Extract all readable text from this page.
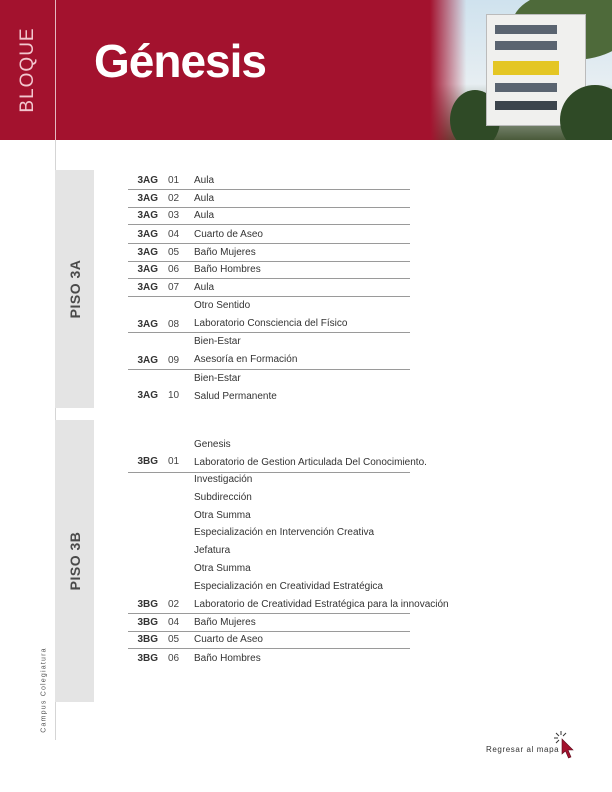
BLOQUE Génesis
Campus Colegiatura
PISO 3A
PISO 3B
3AG 01 Aula
3AG 02 Aula
3AG 03 Aula
3AG 04 Cuarto de Aseo
3AG 05 Baño Mujeres
3AG 06 Baño Hombres
3AG 07 Aula
3AG 08
Otro Sentido
Laboratorio Consciencia del Físico
3AG 09
Bien-Estar
Asesoría en Formación
3AG 10
Bien-Estar
Salud Permanente
3BG 01
Genesis
Laboratorio de Gestion Articulada Del Conocimiento.
3BG 02
Investigación
Subdirección
Otra Summa
Especialización en Intervención Creativa
Jefatura
Otra Summa
Especialización en Creatividad Estratégica
Laboratorio de Creatividad Estratégica para la innovación
3BG 04 Baño Mujeres
3BG 05 Cuarto de Aseo
3BG 06 Baño Hombres
Regresar al mapa
